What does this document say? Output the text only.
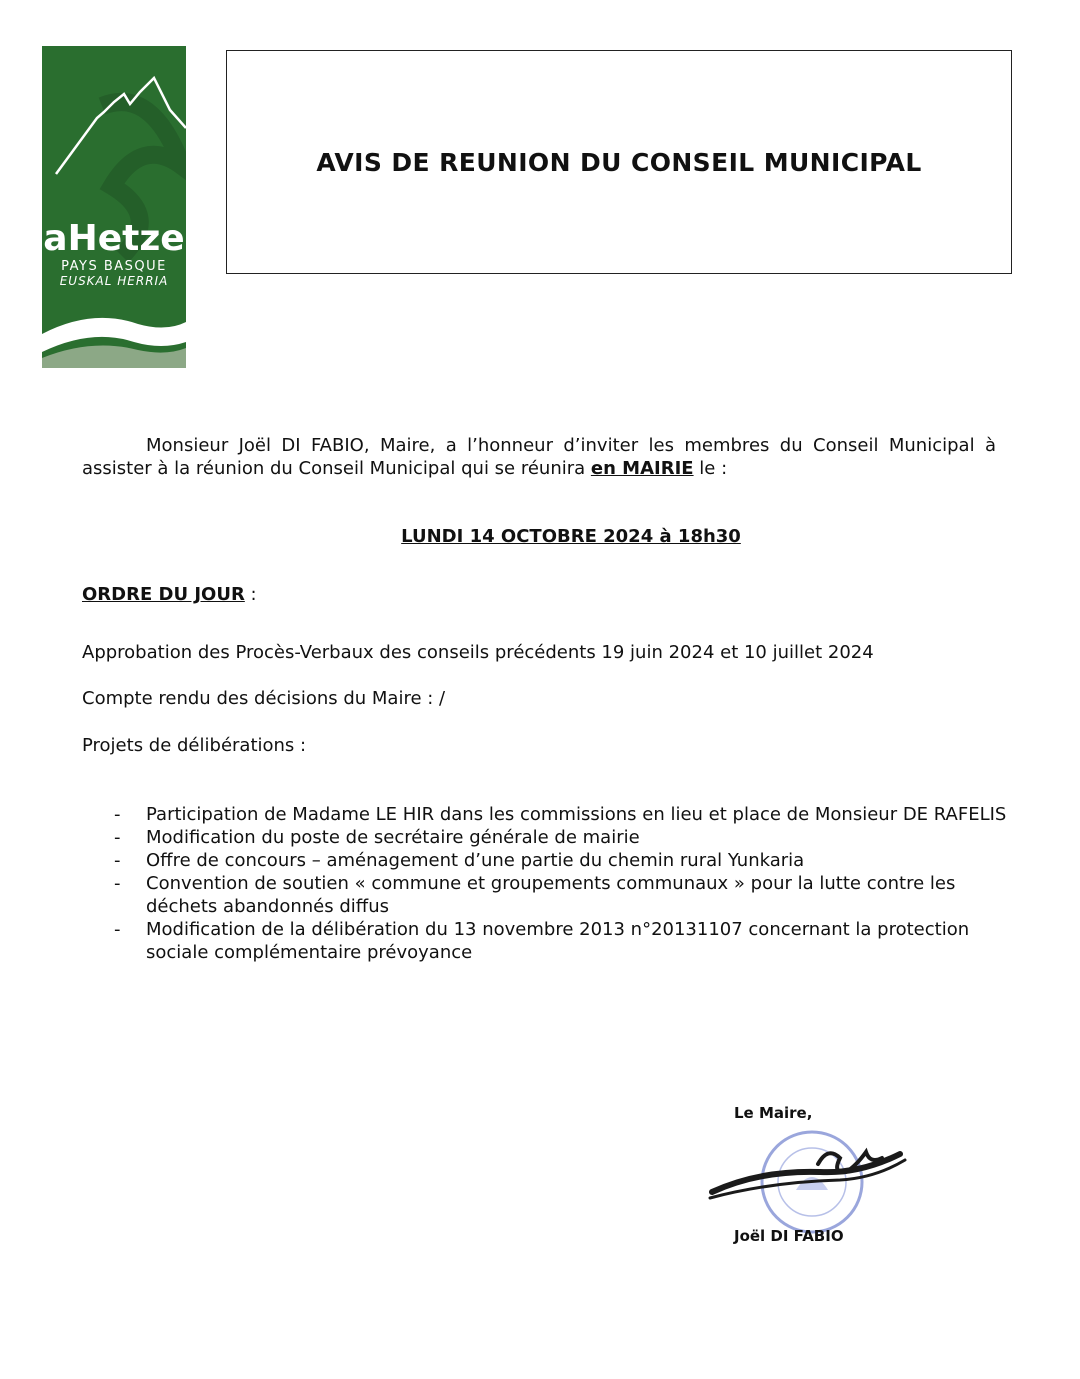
aHetze
PAYS BASQUE
EUSKAL HERRIA
AVIS DE REUNION DU CONSEIL MUNICIPAL
Monsieur Joël DI FABIO, Maire, a l’honneur d’inviter les membres du Conseil Municipal à assister à la réunion du Conseil Municipal qui se réunira en MAIRIE le :
LUNDI 14 OCTOBRE 2024 à 18h30
ORDRE DU JOUR :
Approbation des Procès-Verbaux des conseils précédents 19 juin 2024 et 10 juillet 2024
Compte rendu des décisions du Maire : /
Projets de délibérations :
- Participation de Madame LE HIR dans les commissions en lieu et place de Monsieur DE RAFELIS
- Modification du poste de secrétaire générale de mairie
- Offre de concours – aménagement d’une partie du chemin rural Yunkaria
- Convention de soutien « commune et groupements communaux » pour la lutte contre les déchets abandonnés diffus
- Modification de la délibération du 13 novembre 2013 n°20131107 concernant la protection sociale complémentaire prévoyance
Le Maire,
Joël DI FABIO
